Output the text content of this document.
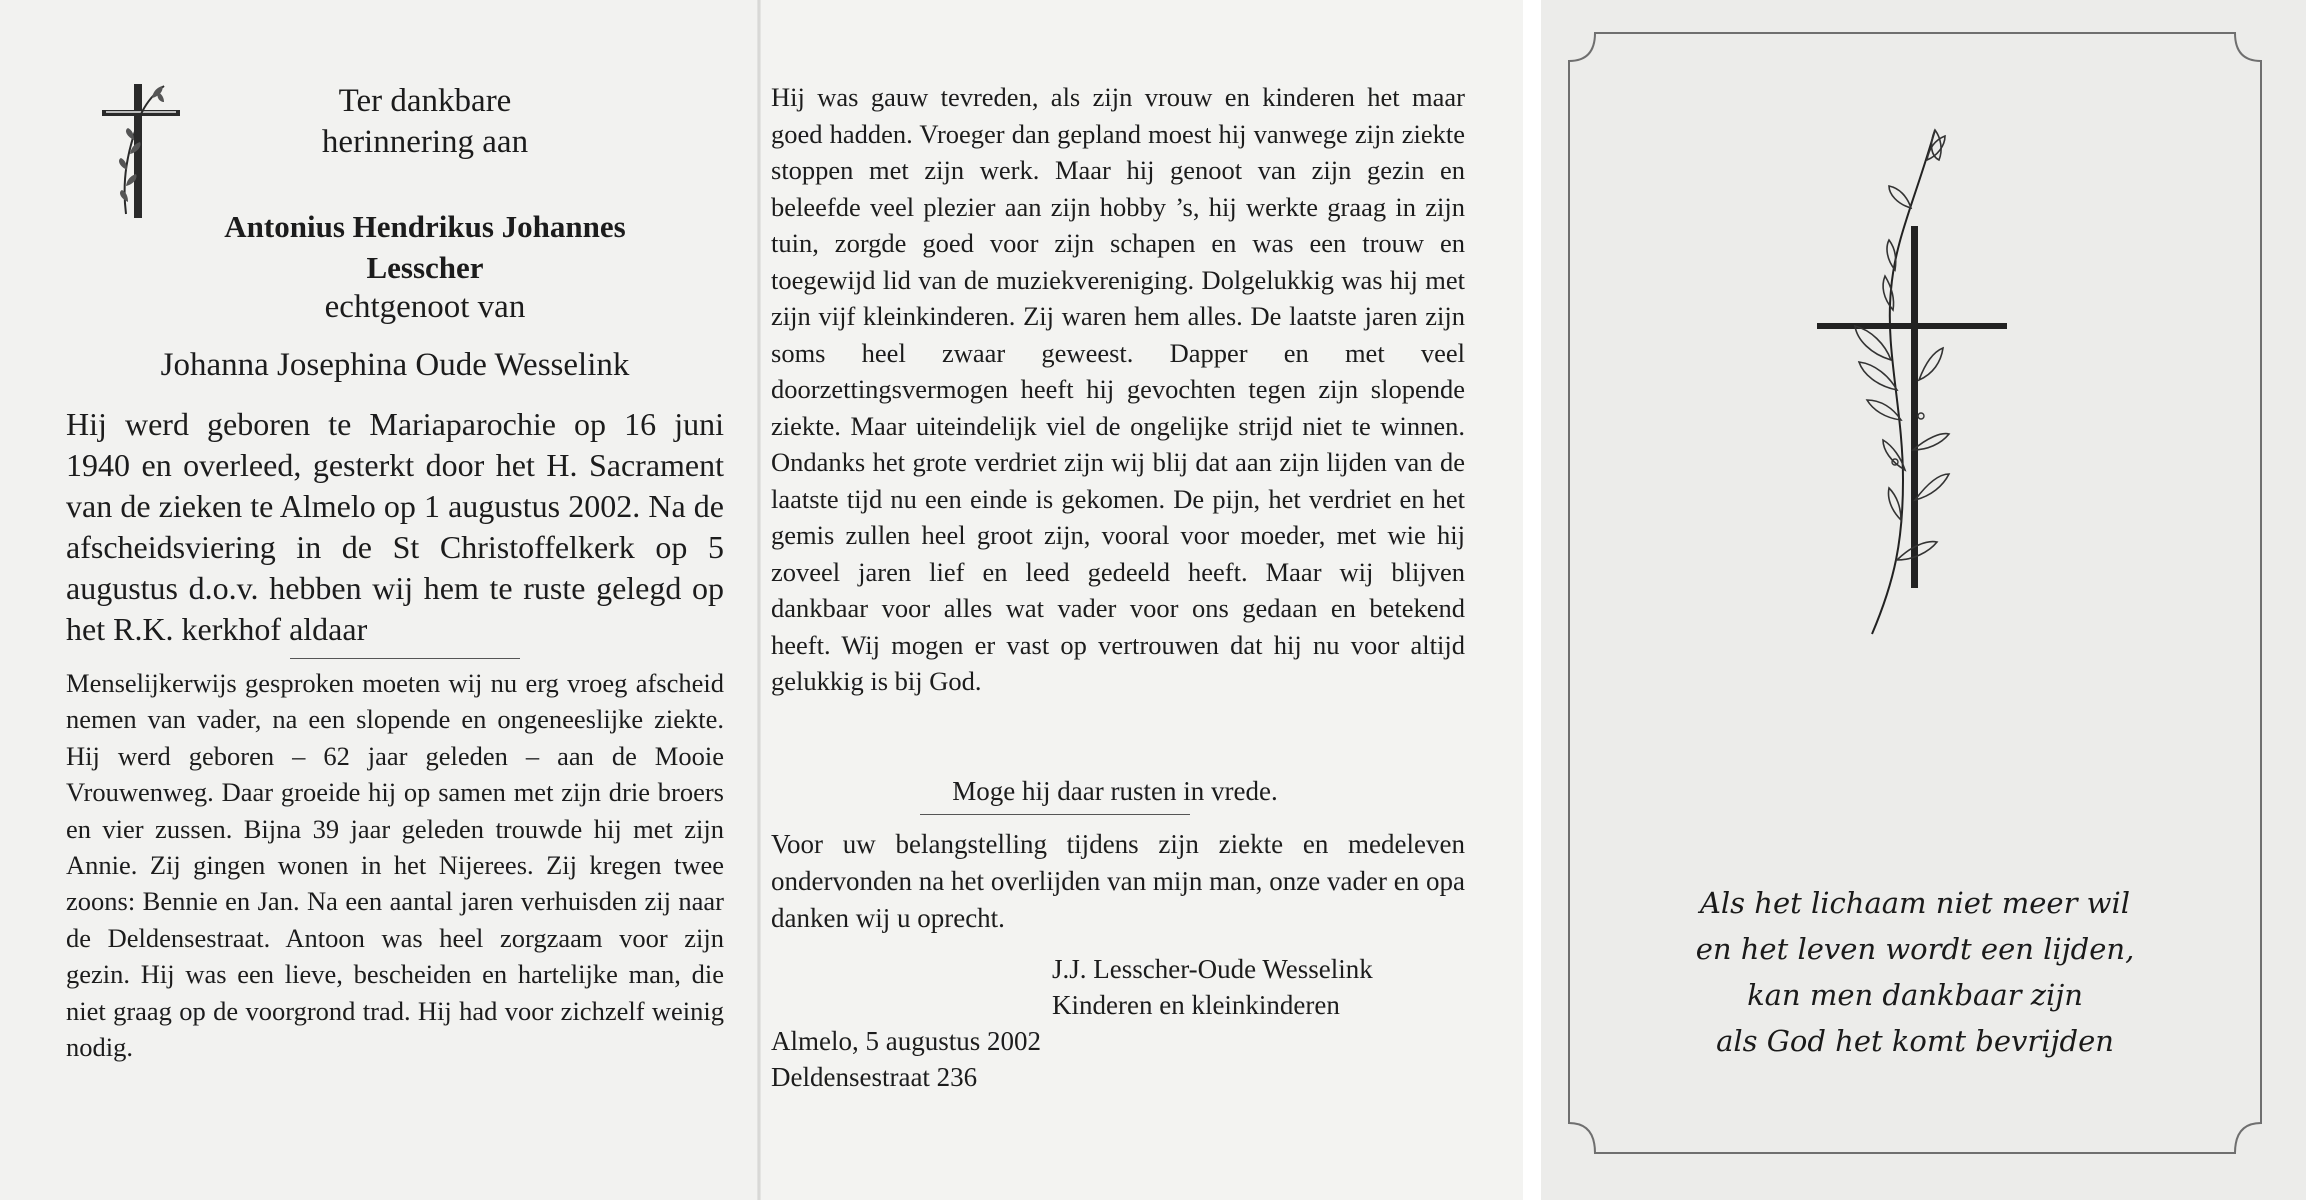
Ter dankbare
herinnering aan
Antonius Hendrikus Johannes
Lesscher
echtgenoot van
Johanna Josephina Oude Wesselink
Hij werd geboren te Mariaparochie op 16 juni 1940 en overleed, gesterkt door het H. Sacrament van de zieken te Almelo op 1 augustus 2002. Na de afscheidsviering in de St Christoffelkerk op 5 augustus d.o.v. hebben wij hem te ruste gelegd op het R.K. kerkhof aldaar
Menselijkerwijs gesproken moeten wij nu erg vroeg afscheid nemen van vader, na een slopende en ongeneeslijke ziekte. Hij werd geboren – 62 jaar geleden – aan de Mooie Vrouwenweg. Daar groeide hij op samen met zijn drie broers en vier zussen. Bijna 39 jaar geleden trouwde hij met zijn Annie. Zij gingen wonen in het Nijerees. Zij kregen twee zoons: Bennie en Jan. Na een aantal jaren verhuisden zij naar de Deldensestraat. Antoon was heel zorgzaam voor zijn gezin. Hij was een lieve, bescheiden en hartelijke man, die niet graag op de voorgrond trad. Hij had voor zichzelf weinig nodig.
Hij was gauw tevreden, als zijn vrouw en kinderen het maar goed hadden. Vroeger dan gepland moest hij vanwege zijn ziekte stoppen met zijn werk. Maar hij genoot van zijn gezin en beleefde veel plezier aan zijn hobby ’s, hij werkte graag in zijn tuin, zorgde goed voor zijn schapen en was een trouw en toegewijd lid van de muziekvereniging. Dolgelukkig was hij met zijn vijf kleinkinderen. Zij waren hem alles. De laatste jaren zijn soms heel zwaar geweest. Dapper en met veel doorzettingsvermogen heeft hij gevochten tegen zijn slopende ziekte. Maar uiteindelijk viel de ongelijke strijd niet te winnen. Ondanks het grote verdriet zijn wij blij dat aan zijn lijden van de laatste tijd nu een einde is gekomen. De pijn, het verdriet en het gemis zullen heel groot zijn, vooral voor moeder, met wie hij zoveel jaren lief en leed gedeeld heeft. Maar wij blijven dankbaar voor alles wat vader voor ons gedaan en betekend heeft. Wij mogen er vast op vertrouwen dat hij nu voor altijd gelukkig is bij God.
Moge hij daar rusten in vrede.
Voor uw belangstelling tijdens zijn ziekte en medeleven ondervonden na het overlijden van mijn man, onze vader en opa danken wij u oprecht.
J.J. Lesscher-Oude Wesselink
Kinderen en kleinkinderen
Almelo, 5 augustus 2002
Deldensestraat 236
Als het lichaam niet meer wil
en het leven wordt een lijden,
kan men dankbaar zijn
als God het komt bevrijden
